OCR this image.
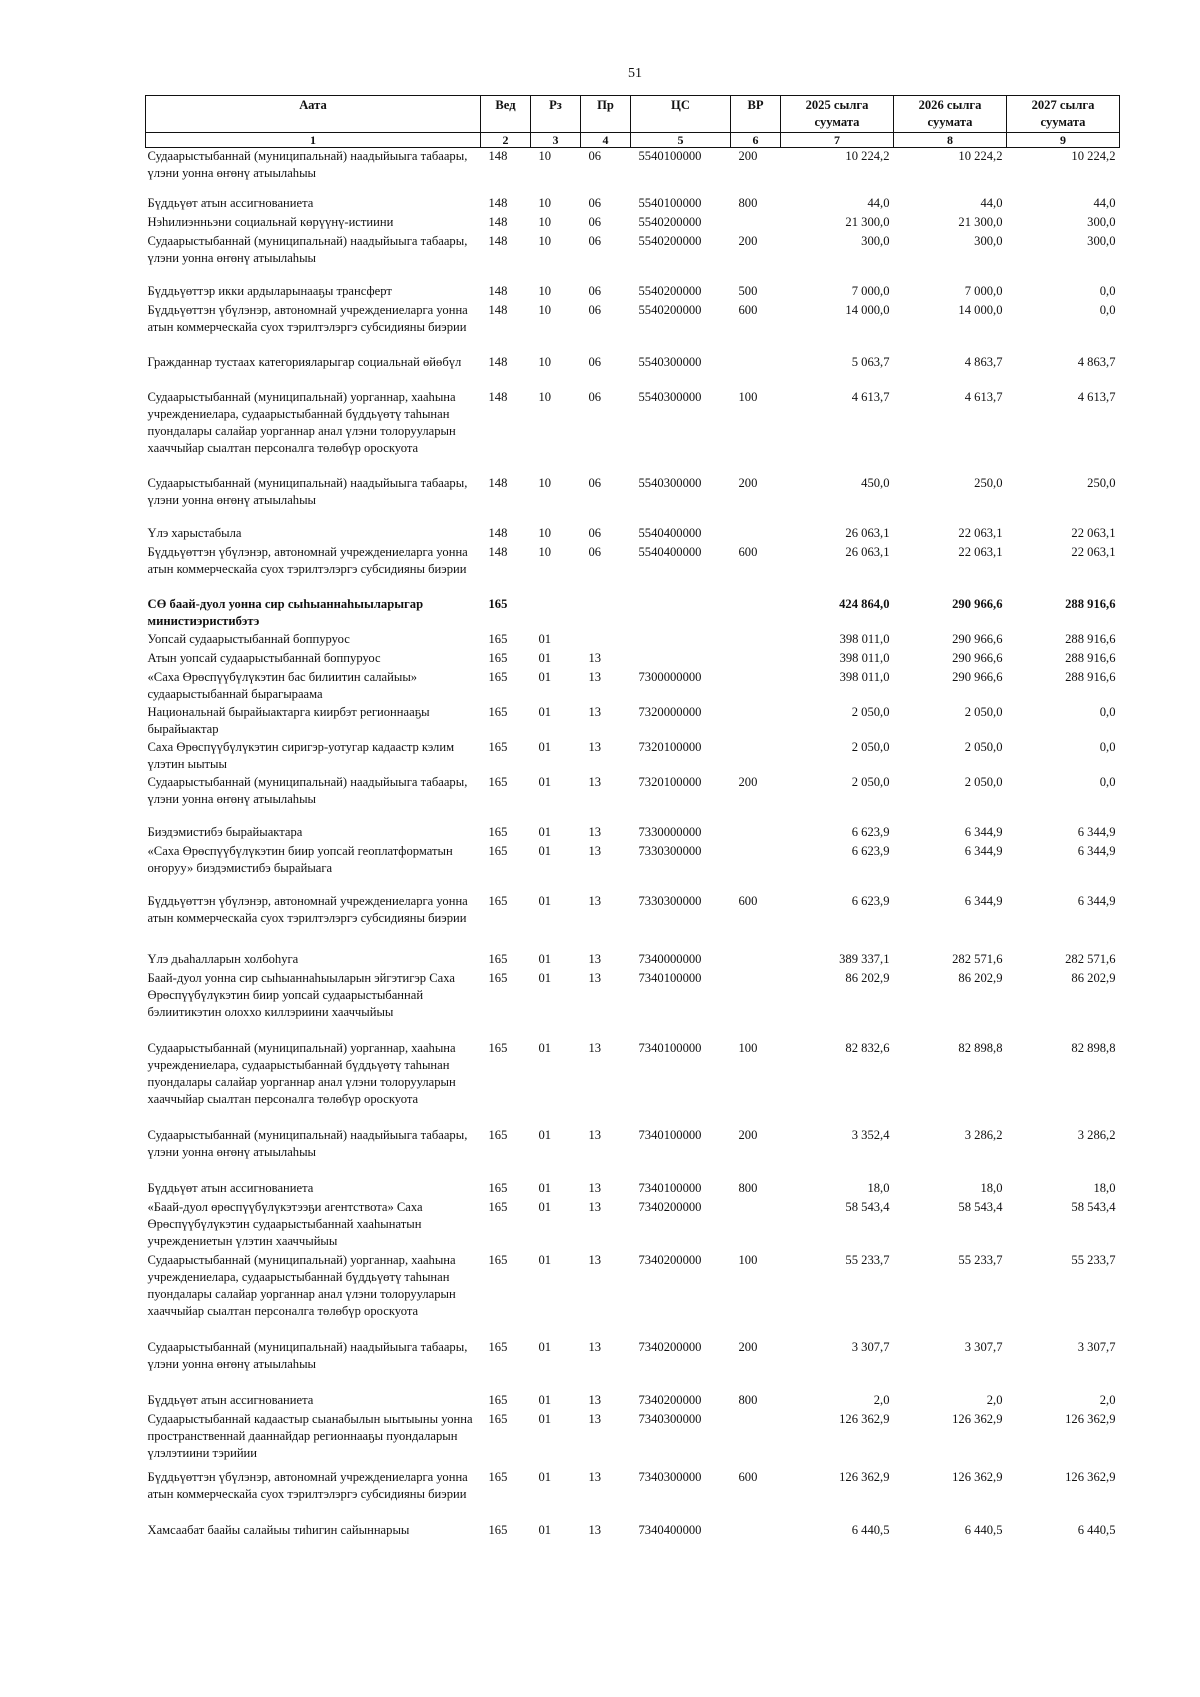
51
Аата	Вед	Рз	Пр	ЦС	ВР	2025 сылга суумата	2026 сылга суумата	2027 сылга суумата
1	2	3	4	5	6	7	8	9
Судаарыстыбаннай (муниципальнай) наадыйыыга табаары, үлэни уонна өҥөнү атыылаһыы	148	10	06	5540100000	200	10 224,2	10 224,2	10 224,2
Бүддьүөт атын ассигнованиета	148	10	06	5540100000	800	44,0	44,0	44,0
Нэһилиэнньэни социальнай көрүүнү-истиини	148	10	06	5540200000		21 300,0	21 300,0	300,0
Судаарыстыбаннай (муниципальнай) наадыйыыга табаары, үлэни уонна өҥөнү атыылаһыы	148	10	06	5540200000	200	300,0	300,0	300,0
Бүддьүөттэр икки ардыларынааҕы трансферт	148	10	06	5540200000	500	7 000,0	7 000,0	0,0
Бүддьүөттэн үбүлэнэр, автономнай учреждениеларга уонна атын коммерческайа суох тэрилтэлэргэ субсидияны биэрии	148	10	06	5540200000	600	14 000,0	14 000,0	0,0
Гражданнар тустаах категорияларыгар социальнай өйөбүл	148	10	06	5540300000		5 063,7	4 863,7	4 863,7
Судаарыстыбаннай (муниципальнай) уорганнар, хааһына учреждениелара, судаарыстыбаннай бүддьүөтү таһынан пуондалары салайар уорганнар анал үлэни толорууларын хааччыйар сыалтан персоналга төлөбүр ороскуота	148	10	06	5540300000	100	4 613,7	4 613,7	4 613,7
Судаарыстыбаннай (муниципальнай) наадыйыыга табаары, үлэни уонна өҥөнү атыылаһыы	148	10	06	5540300000	200	450,0	250,0	250,0
Үлэ харыстабыла	148	10	06	5540400000		26 063,1	22 063,1	22 063,1
Бүддьүөттэн үбүлэнэр, автономнай учреждениеларга уонна атын коммерческайа суох тэрилтэлэргэ субсидияны биэрии	148	10	06	5540400000	600	26 063,1	22 063,1	22 063,1
СӨ баай-дуол уонна сир сыһыаннаһыыларыгар министиэристибэтэ	165					424 864,0	290 966,6	288 916,6
Уопсай судаарыстыбаннай боппуруос	165	01				398 011,0	290 966,6	288 916,6
Атын уопсай судаарыстыбаннай боппуруос	165	01	13			398 011,0	290 966,6	288 916,6
«Саха Өрөспүүбүлүкэтин бас билиитин салайыы» судаарыстыбаннай бырагыраама	165	01	13	7300000000		398 011,0	290 966,6	288 916,6
Национальнай бырайыактарга киирбэт регионнааҕы бырайыактар	165	01	13	7320000000		2 050,0	2 050,0	0,0
Саха Өрөспүүбүлүкэтин сиригэр-уотугар кадаастр кэлим үлэтин ыытыы	165	01	13	7320100000		2 050,0	2 050,0	0,0
Судаарыстыбаннай (муниципальнай) наадыйыыга табаары, үлэни уонна өҥөнү атыылаһыы	165	01	13	7320100000	200	2 050,0	2 050,0	0,0
Биэдэмистибэ бырайыактара	165	01	13	7330000000		6 623,9	6 344,9	6 344,9
«Саха Өрөспүүбүлүкэтин биир уопсай геоплатформатын оҥоруу» биэдэмистибэ бырайыага	165	01	13	7330300000		6 623,9	6 344,9	6 344,9
Бүддьүөттэн үбүлэнэр, автономнай учреждениеларга уонна атын коммерческайа суох тэрилтэлэргэ субсидияны биэрии	165	01	13	7330300000	600	6 623,9	6 344,9	6 344,9
Үлэ дьаһалларын холбоһуга	165	01	13	7340000000		389 337,1	282 571,6	282 571,6
Баай-дуол уонна сир сыһыаннаһыыларын эйгэтигэр Саха Өрөспүүбүлүкэтин биир уопсай судаарыстыбаннай бэлиитикэтин олоххо киллэриини хааччыйыы	165	01	13	7340100000		86 202,9	86 202,9	86 202,9
Судаарыстыбаннай (муниципальнай) уорганнар, хааһына учреждениелара, судаарыстыбаннай бүддьүөтү таһынан пуондалары салайар уорганнар анал үлэни толорууларын хааччыйар сыалтан персоналга төлөбүр ороскуота	165	01	13	7340100000	100	82 832,6	82 898,8	82 898,8
Судаарыстыбаннай (муниципальнай) наадыйыыга табаары, үлэни уонна өҥөнү атыылаһыы	165	01	13	7340100000	200	3 352,4	3 286,2	3 286,2
Бүддьүөт атын ассигнованиета	165	01	13	7340100000	800	18,0	18,0	18,0
«Баай-дуол өрөспүүбүлүкэтээҕи агентствота» Саха Өрөспүүбүлүкэтин судаарыстыбаннай хааһынатын учреждениетын үлэтин хааччыйыы	165	01	13	7340200000		58 543,4	58 543,4	58 543,4
Судаарыстыбаннай (муниципальнай) уорганнар, хааһына учреждениелара, судаарыстыбаннай бүддьүөтү таһынан пуондалары салайар уорганнар анал үлэни толорууларын хааччыйар сыалтан персоналга төлөбүр ороскуота	165	01	13	7340200000	100	55 233,7	55 233,7	55 233,7
Судаарыстыбаннай (муниципальнай) наадыйыыга табаары, үлэни уонна өҥөнү атыылаһыы	165	01	13	7340200000	200	3 307,7	3 307,7	3 307,7
Бүддьүөт атын ассигнованиета	165	01	13	7340200000	800	2,0	2,0	2,0
Судаарыстыбаннай кадаастыр сыанабылын ыытыыны уонна пространственнай дааннайдар регионнааҕы пуондаларын үлэлэтиини тэрийии	165	01	13	7340300000		126 362,9	126 362,9	126 362,9
Бүддьүөттэн үбүлэнэр, автономнай учреждениеларга уонна атын коммерческайа суох тэрилтэлэргэ субсидияны биэрии	165	01	13	7340300000	600	126 362,9	126 362,9	126 362,9
Хамсаабат баайы салайыы тиһигин сайыннарыы	165	01	13	7340400000		6 440,5	6 440,5	6 440,5
